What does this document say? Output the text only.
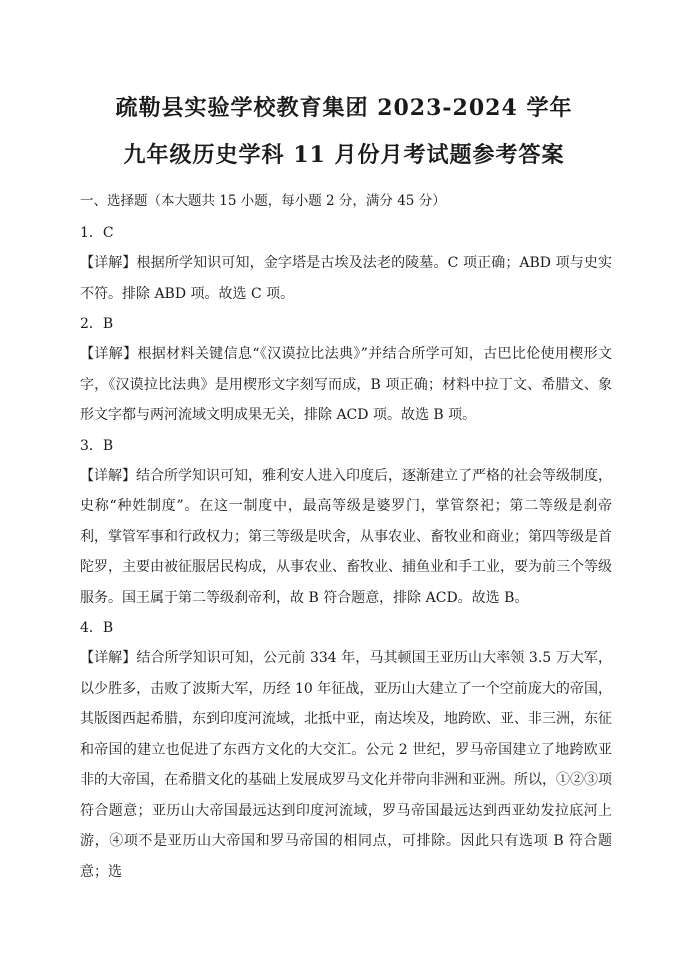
疏勒县实验学校教育集团 2023-2024 学年
九年级历史学科 11 月份月考试题参考答案

一、选择题（本大题共 15 小题，每小题 2 分，满分 45 分）

1．C

【详解】根据所学知识可知，金字塔是古埃及法老的陵墓。C 项正确；ABD 项与史实不符。排除 ABD 项。故选 C 项。

2．B

【详解】根据材料关键信息“《汉谟拉比法典》”并结合所学可知，古巴比伦使用楔形文字，《汉谟拉比法典》是用楔形文字刻写而成，B 项正确；材料中拉丁文、希腊文、象形文字都与两河流域文明成果无关，排除 ACD 项。故选 B 项。

3．B

【详解】结合所学知识可知，雅利安人进入印度后，逐渐建立了严格的社会等级制度，史称“种姓制度”。在这一制度中，最高等级是婆罗门，掌管祭祀；第二等级是刹帝利，掌管军事和行政权力；第三等级是吠舍，从事农业、畜牧业和商业；第四等级是首陀罗，主要由被征服居民构成，从事农业、畜牧业、捕鱼业和手工业，要为前三个等级服务。国王属于第二等级刹帝利，故 B 符合题意，排除 ACD。故选 B。

4．B

【详解】结合所学知识可知，公元前 334 年，马其顿国王亚历山大率领 3.5 万大军，以少胜多，击败了波斯大军，历经 10 年征战，亚历山大建立了一个空前庞大的帝国，其版图西起希腊，东到印度河流域，北抵中亚，南达埃及，地跨欧、亚、非三洲，东征和帝国的建立也促进了东西方文化的大交汇。公元 2 世纪，罗马帝国建立了地跨欧亚非的大帝国，在希腊文化的基础上发展成罗马文化并带向非洲和亚洲。所以，①②③项符合题意；亚历山大帝国最远达到印度河流域，罗马帝国最远达到西亚幼发拉底河上游，④项不是亚历山大帝国和罗马帝国的相同点，可排除。因此只有选项 B 符合题意；选
